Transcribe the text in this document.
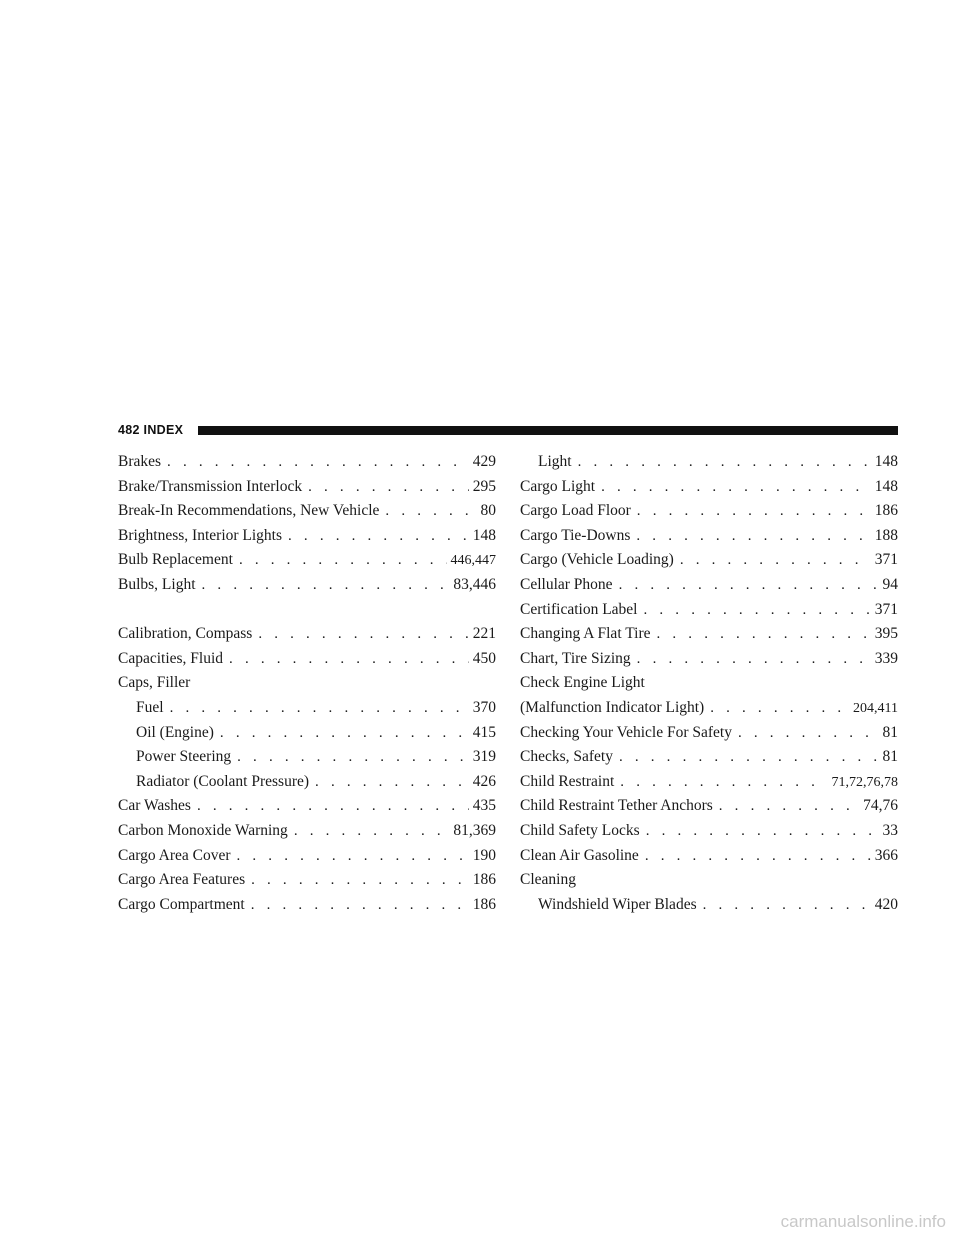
482 INDEX
Brakes . . .	429
Brake/Transmission Interlock . . .	295
Break-In Recommendations, New Vehicle . . .	80
Brightness, Interior Lights . . .	148
Bulb Replacement . . .	446,447
Bulbs, Light . . .	83,446
Calibration, Compass . . .	221
Capacities, Fluid . . .	450
Caps, Filler
Fuel . . .	370
Oil (Engine) . . .	415
Power Steering . . .	319
Radiator (Coolant Pressure) . . .	426
Car Washes . . .	435
Carbon Monoxide Warning . . .	81,369
Cargo Area Cover . . .	190
Cargo Area Features . . .	186
Cargo Compartment . . .	186
Light . . .	148
Cargo Light . . .	148
Cargo Load Floor . . .	186
Cargo Tie-Downs . . .	188
Cargo (Vehicle Loading) . . .	371
Cellular Phone . . .	94
Certification Label . . .	371
Changing A Flat Tire . . .	395
Chart, Tire Sizing . . .	339
Check Engine Light
(Malfunction Indicator Light) . . .	204,411
Checking Your Vehicle For Safety . . .	81
Checks, Safety . . .	81
Child Restraint . . .	71,72,76,78
Child Restraint Tether Anchors . . .	74,76
Child Safety Locks . . .	33
Clean Air Gasoline . . .	366
Cleaning
Windshield Wiper Blades . . .	420
carmanualsonline.info
